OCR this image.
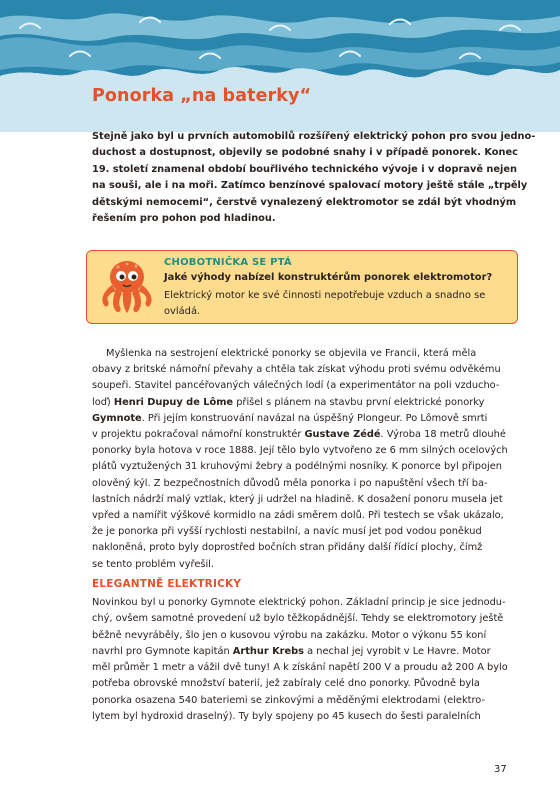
Ponorka „na baterky“
Stejně jako byl u prvních automobilů rozšířený elektrický pohon pro svou jedno-
duchost a dostupnost, objevily se podobné snahy i v případě ponorek. Konec
19. století znamenal období bouřlivého technického vývoje i v dopravě nejen
na souši, ale i na moři. Zatímco benzínové spalovací motory ještě stále „trpěly
dětskými nemocemi“, čerstvě vynalezený elektromotor se zdál být vhodným
řešením pro pohon pod hladinou.
CHOBOTNIČKA SE PTÁ
Jaké výhody nabízel konstruktérům ponorek elektromotor?
Elektrický motor ke své činnosti nepotřebuje vzduch a snadno se
ovládá.
Myšlenka na sestrojení elektrické ponorky se objevila ve Francii, která měla
obavy z britské námořní převahy a chtěla tak získat výhodu proti svému odvěkému
soupeři. Stavitel pancéřovaných válečných lodí (a experimentátor na poli vzducho-
loď) Henri Dupuy de Lôme přišel s plánem na stavbu první elektrické ponorky
Gymnote. Při jejím konstruování navázal na úspěšný Plongeur. Po Lômově smrti
v projektu pokračoval námořní konstruktér Gustave Zédé. Výroba 18 metrů dlouhé
ponorky byla hotova v roce 1888. Její tělo bylo vytvořeno ze 6 mm silných ocelových
plátů vyztužených 31 kruhovými žebry a podélnými nosníky. K ponorce byl připojen
olověný kýl. Z bezpečnostních důvodů měla ponorka i po napuštění všech tří ba-
lastních nádrží malý vztlak, který ji udržel na hladině. K dosažení ponoru musela jet
vpřed a namířit výškové kormidlo na zádi směrem dolů. Při testech se však ukázalo,
že je ponorka při vyšší rychlosti nestabilní, a navíc musí jet pod vodou poněkud
nakloněná, proto byly doprostřed bočních stran přidány další řídící plochy, čímž
se tento problém vyřešil.
ELEGANTNĚ ELEKTRICKY
Novinkou byl u ponorky Gymnote elektrický pohon. Základní princip je sice jednodu-
chý, ovšem samotné provedení už bylo těžkopádnější. Tehdy se elektromotory ještě
běžně nevyráběly, šlo jen o kusovou výrobu na zakázku. Motor o výkonu 55 koní
navrhl pro Gymnote kapitán Arthur Krebs a nechal jej vyrobit v Le Havre. Motor
měl průměr 1 metr a vážil dvě tuny! A k získání napětí 200 V a proudu až 200 A bylo
potřeba obrovské množství baterií, jež zabíraly celé dno ponorky. Původně byla
ponorka osazena 540 bateriemi se zinkovými a měděnými elektrodami (elektro-
lytem byl hydroxid draselný). Ty byly spojeny po 45 kusech do šesti paralelních
37
